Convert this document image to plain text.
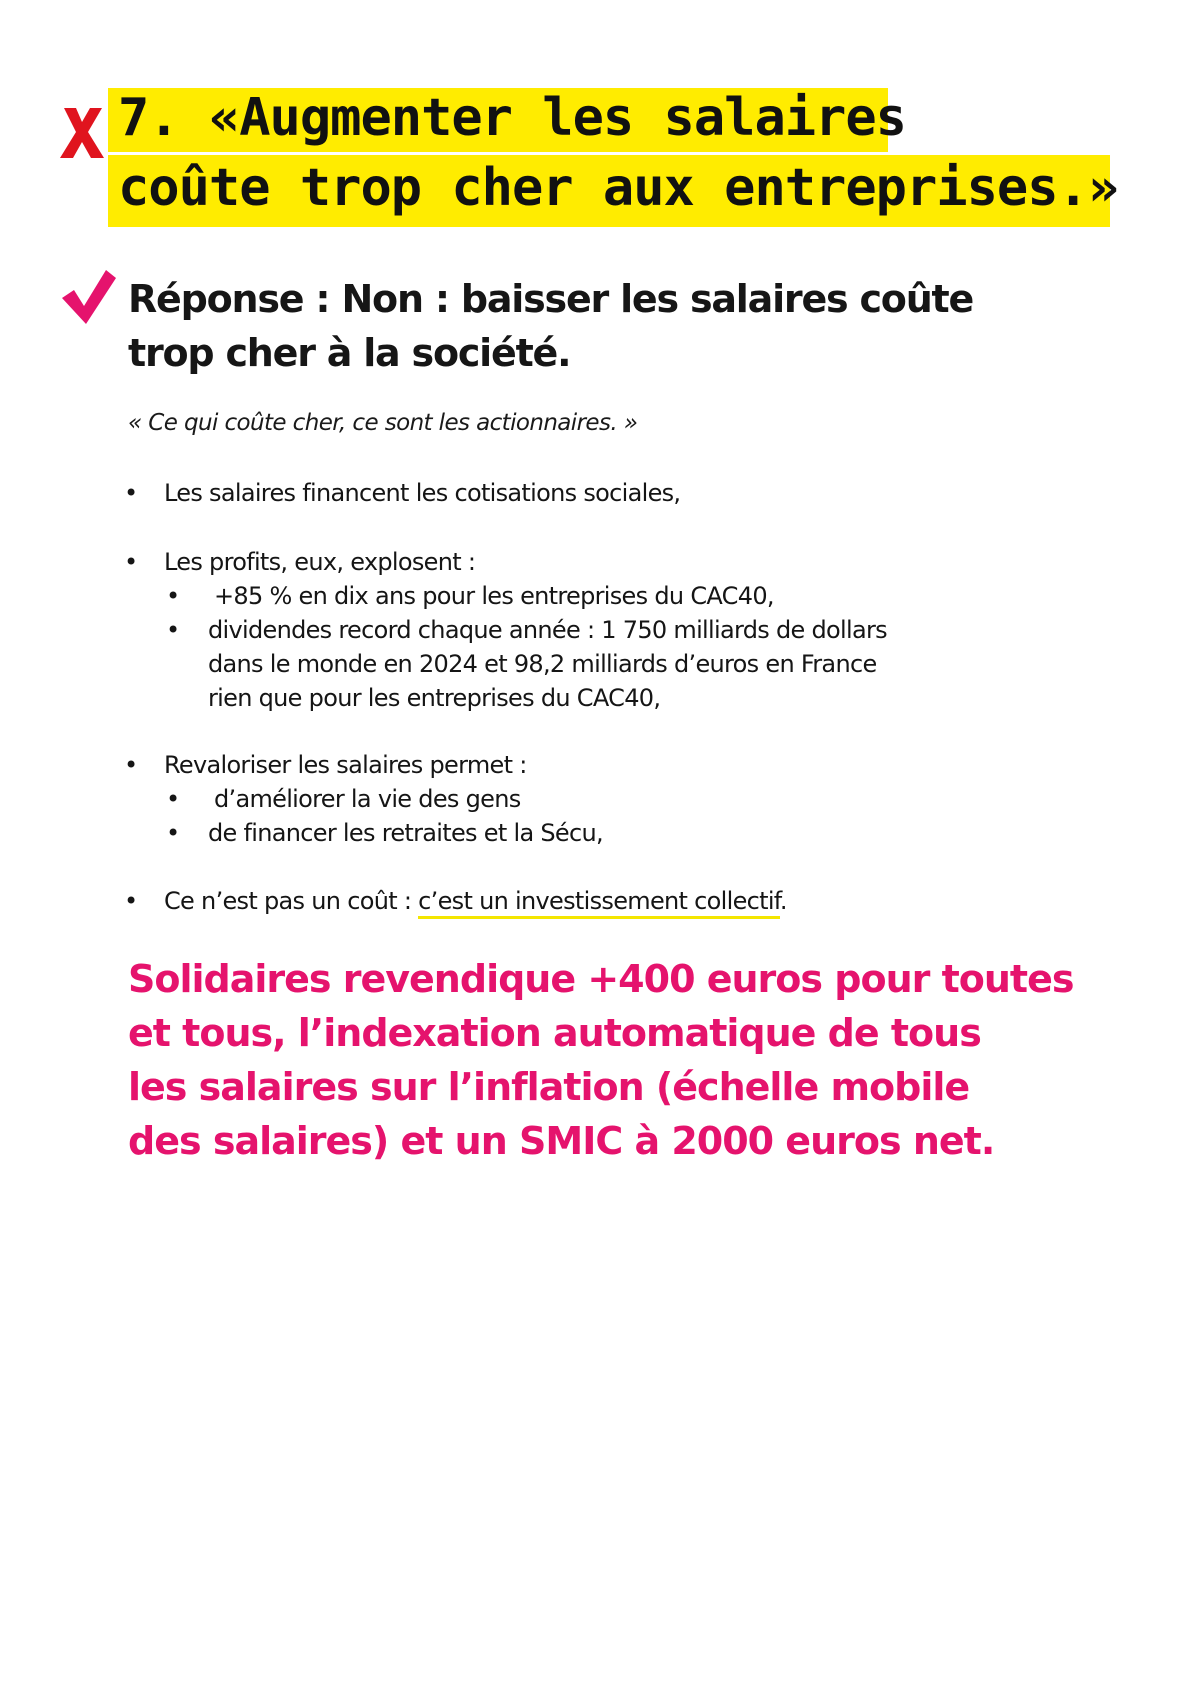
7. «Augmenter les salaires
coûte trop cher aux entreprises.»
Réponse : Non : baisser les salaires coûte
trop cher à la société.
« Ce qui coûte cher, ce sont les actionnaires. »
• Les salaires financent les cotisations sociales,
• Les profits, eux, explosent :
• +85 % en dix ans pour les entreprises du CAC40,
• dividendes record chaque année : 1 750 milliards de dollars
dans le monde en 2024 et 98,2 milliards d’euros en France
rien que pour les entreprises du CAC40,
• Revaloriser les salaires permet :
• d’améliorer la vie des gens
• de financer les retraites et la Sécu,
• Ce n’est pas un coût : c’est un investissement collectif.
Solidaires revendique +400 euros pour toutes
et tous, l’indexation automatique de tous
les salaires sur l’inflation (échelle mobile
des salaires) et un SMIC à 2000 euros net.
